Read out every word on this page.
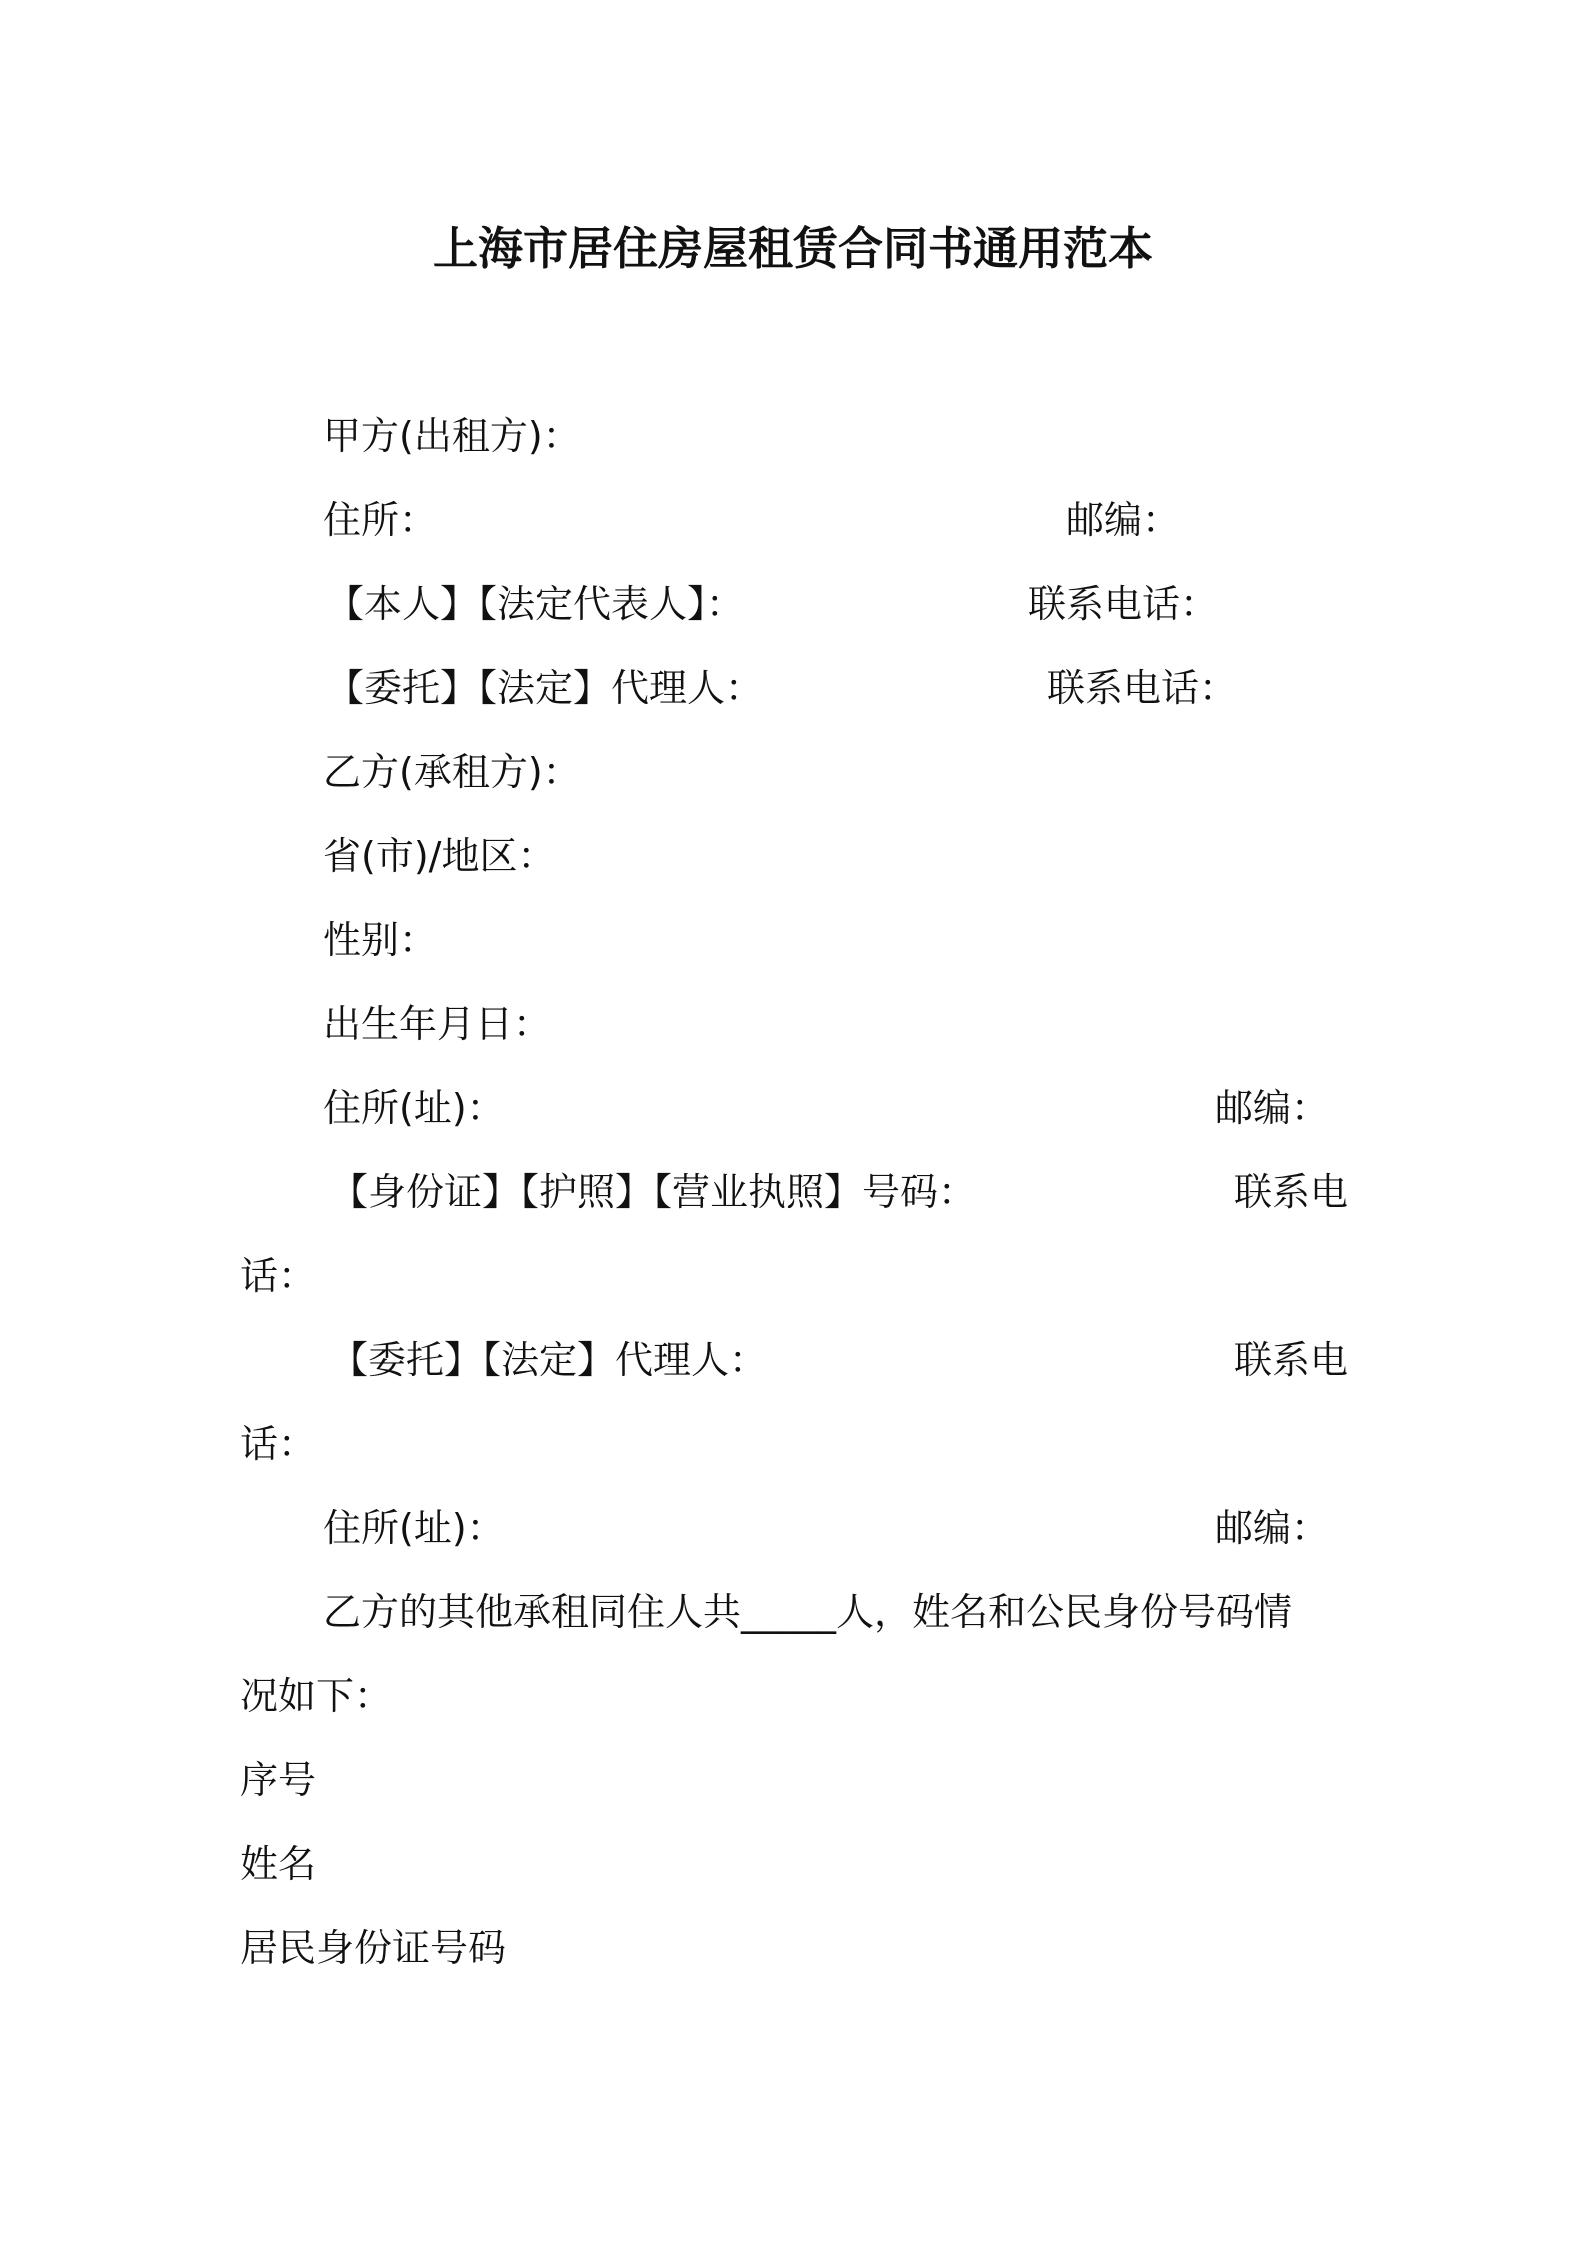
上海市居住房屋租赁合同书通用范本
甲方(出租方)：
住所：	邮编：
【本人】【法定代表人】：	联系电话：
【委托】【法定】代理人：	联系电话：
乙方(承租方)：
省(市)/地区：
性别：
出生年月日：
住所(址)：	邮编：
【身份证】【护照】【营业执照】号码：	联系电
话：
【委托】【法定】代理人：	联系电
话：
住所(址)：	邮编：
乙方的其他承租同住人共_____人，姓名和公民身份号码情
况如下：
序号
姓名
居民身份证号码
